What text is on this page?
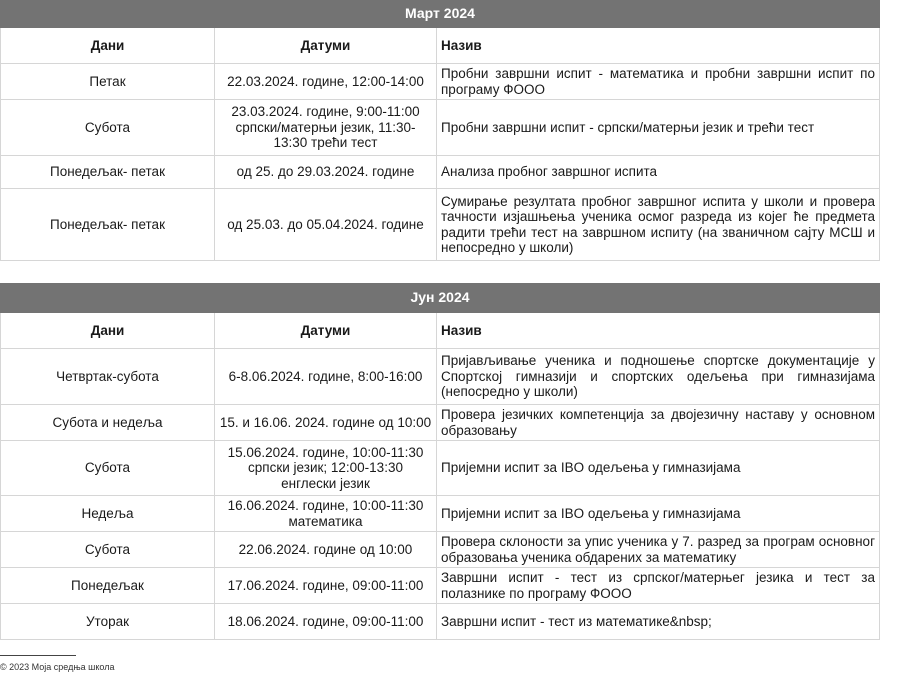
Март 2024		
Дани	Датуми	Назив
Петак	22.03.2024. године, 12:00-14:00	Пробни завршни испит - математика и пробни завршни испит по програму ФООО
Субота	23.03.2024. године, 9:00-11:00 српски/матерњи језик, 11:30-13:30 трећи тест	Пробни завршни испит - српски/матерњи језик и трећи тест
Понедељак- петак	од 25. до 29.03.2024. године	Анализа пробног завршног испита
Понедељак- петак	од 25.03. до 05.04.2024. године	Сумирање резултата пробног завршног испита у школи и провера тачности изјашњења ученика осмог разреда из којег ће предмета радити трећи тест на завршном испиту (на званичном сајту МСШ и непосредно у школи)
Јун 2024		
Дани	Датуми	Назив
Четвртак-субота	6-8.06.2024. године, 8:00-16:00	Пријављивање ученика и подношење спортске документације у Спортској гимназији и спортских одељења при гимназијама (непосредно у школи)
Субота и недеља	15. и 16.06. 2024. године од 10:00	Провера језичких компетенција за двојезичну наставу у основном образовању
Субота	15.06.2024. године, 10:00-11:30 српски језик; 12:00-13:30 енглески језик	Пријемни испит за IBO одељења у гимназијама
Недеља	16.06.2024. године, 10:00-11:30 математика	Пријемни испит за IBO одељења у гимназијама
Субота	22.06.2024. године од 10:00	Провера склоности за упис ученика у 7. разред за програм основног образовања ученика обдарених за математику
Понедељак	17.06.2024. године, 09:00-11:00	Завршни испит - тест из српског/матерњег језика и тест за полазнике по програму ФООО
Уторак	18.06.2024. године, 09:00-11:00	Завршни испит - тест из математике&nbsp;
© 2023 Моја средња школа
